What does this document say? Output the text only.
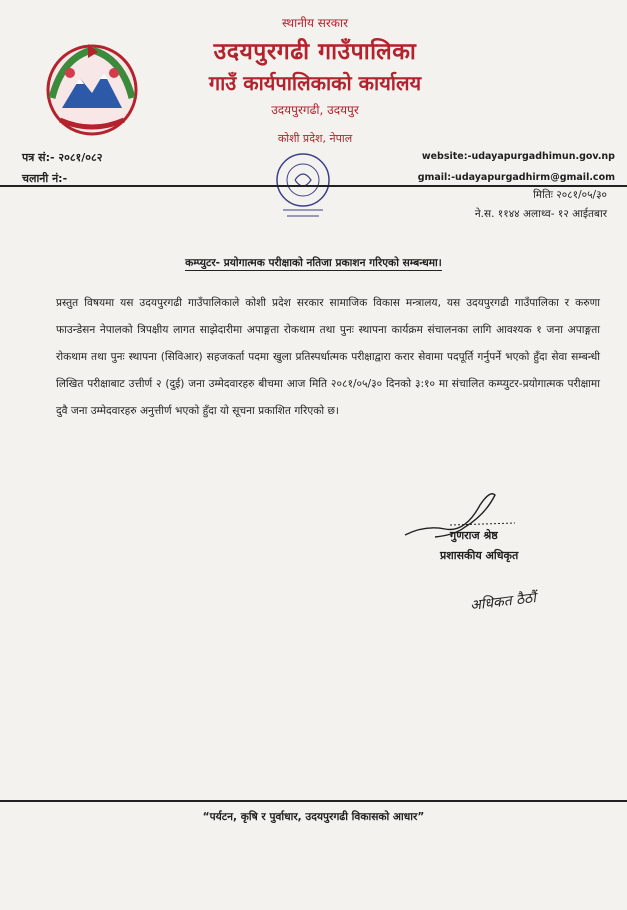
स्थानीय सरकार
उदयपुरगढी गाउँपालिका
गाउँ कार्यपालिकाको कार्यालय
उदयपुरगढी, उदयपुर
कोशी प्रदेश, नेपाल
पत्र सं:- २०८१/०८२
चलानी नं:-
website:-udayapurgadhimun.gov.np
gmail:-udayapurgadhirm@gmail.com
मितिः २०८१/०५/३०
ने.स. ११४४ अलाथ्व- १२ आईतबार
कम्प्युटर- प्रयोगात्मक परीक्षाको नतिजा प्रकाशन गरिएको सम्बन्धमा।
प्रस्तुत विषयमा यस उदयपुरगढी गाउँपालिकाले कोशी प्रदेश सरकार सामाजिक विकास मन्त्रालय, यस उदयपुरगढी गाउँपालिका र करुणा फाउन्डेसन नेपालको त्रिपक्षीय लागत साझेदारीमा अपाङ्गता रोकथाम तथा पुनः स्थापना कार्यक्रम संचालनका लागि आवश्यक १ जना अपाङ्गता रोकथाम तथा पुनः स्थापना (सिविआर) सहजकर्ता पदमा खुला प्रतिस्पर्धात्मक परीक्षाद्वारा करार सेवामा पदपूर्ति गर्नुपर्ने भएको हुँदा सेवा सम्बन्धी लिखित परीक्षाबाट उत्तीर्ण २ (दुई) जना उम्मेदवारहरु बीचमा आज मिति २०८१/०५/३० दिनको ३:१० मा संचालित कम्प्युटर-प्रयोगात्मक परीक्षामा दुवै जना उम्मेदवारहरु अनुत्तीर्ण भएको हुँदा यो सूचना प्रकाशित गरिएको छ।
गुणराज श्रेष्ठ
प्रशासकीय अधिकृत
अधिकत ठैठौं
“पर्यटन, कृषि र पुर्वाधार, उदयपुरगढी विकासको आधार”
